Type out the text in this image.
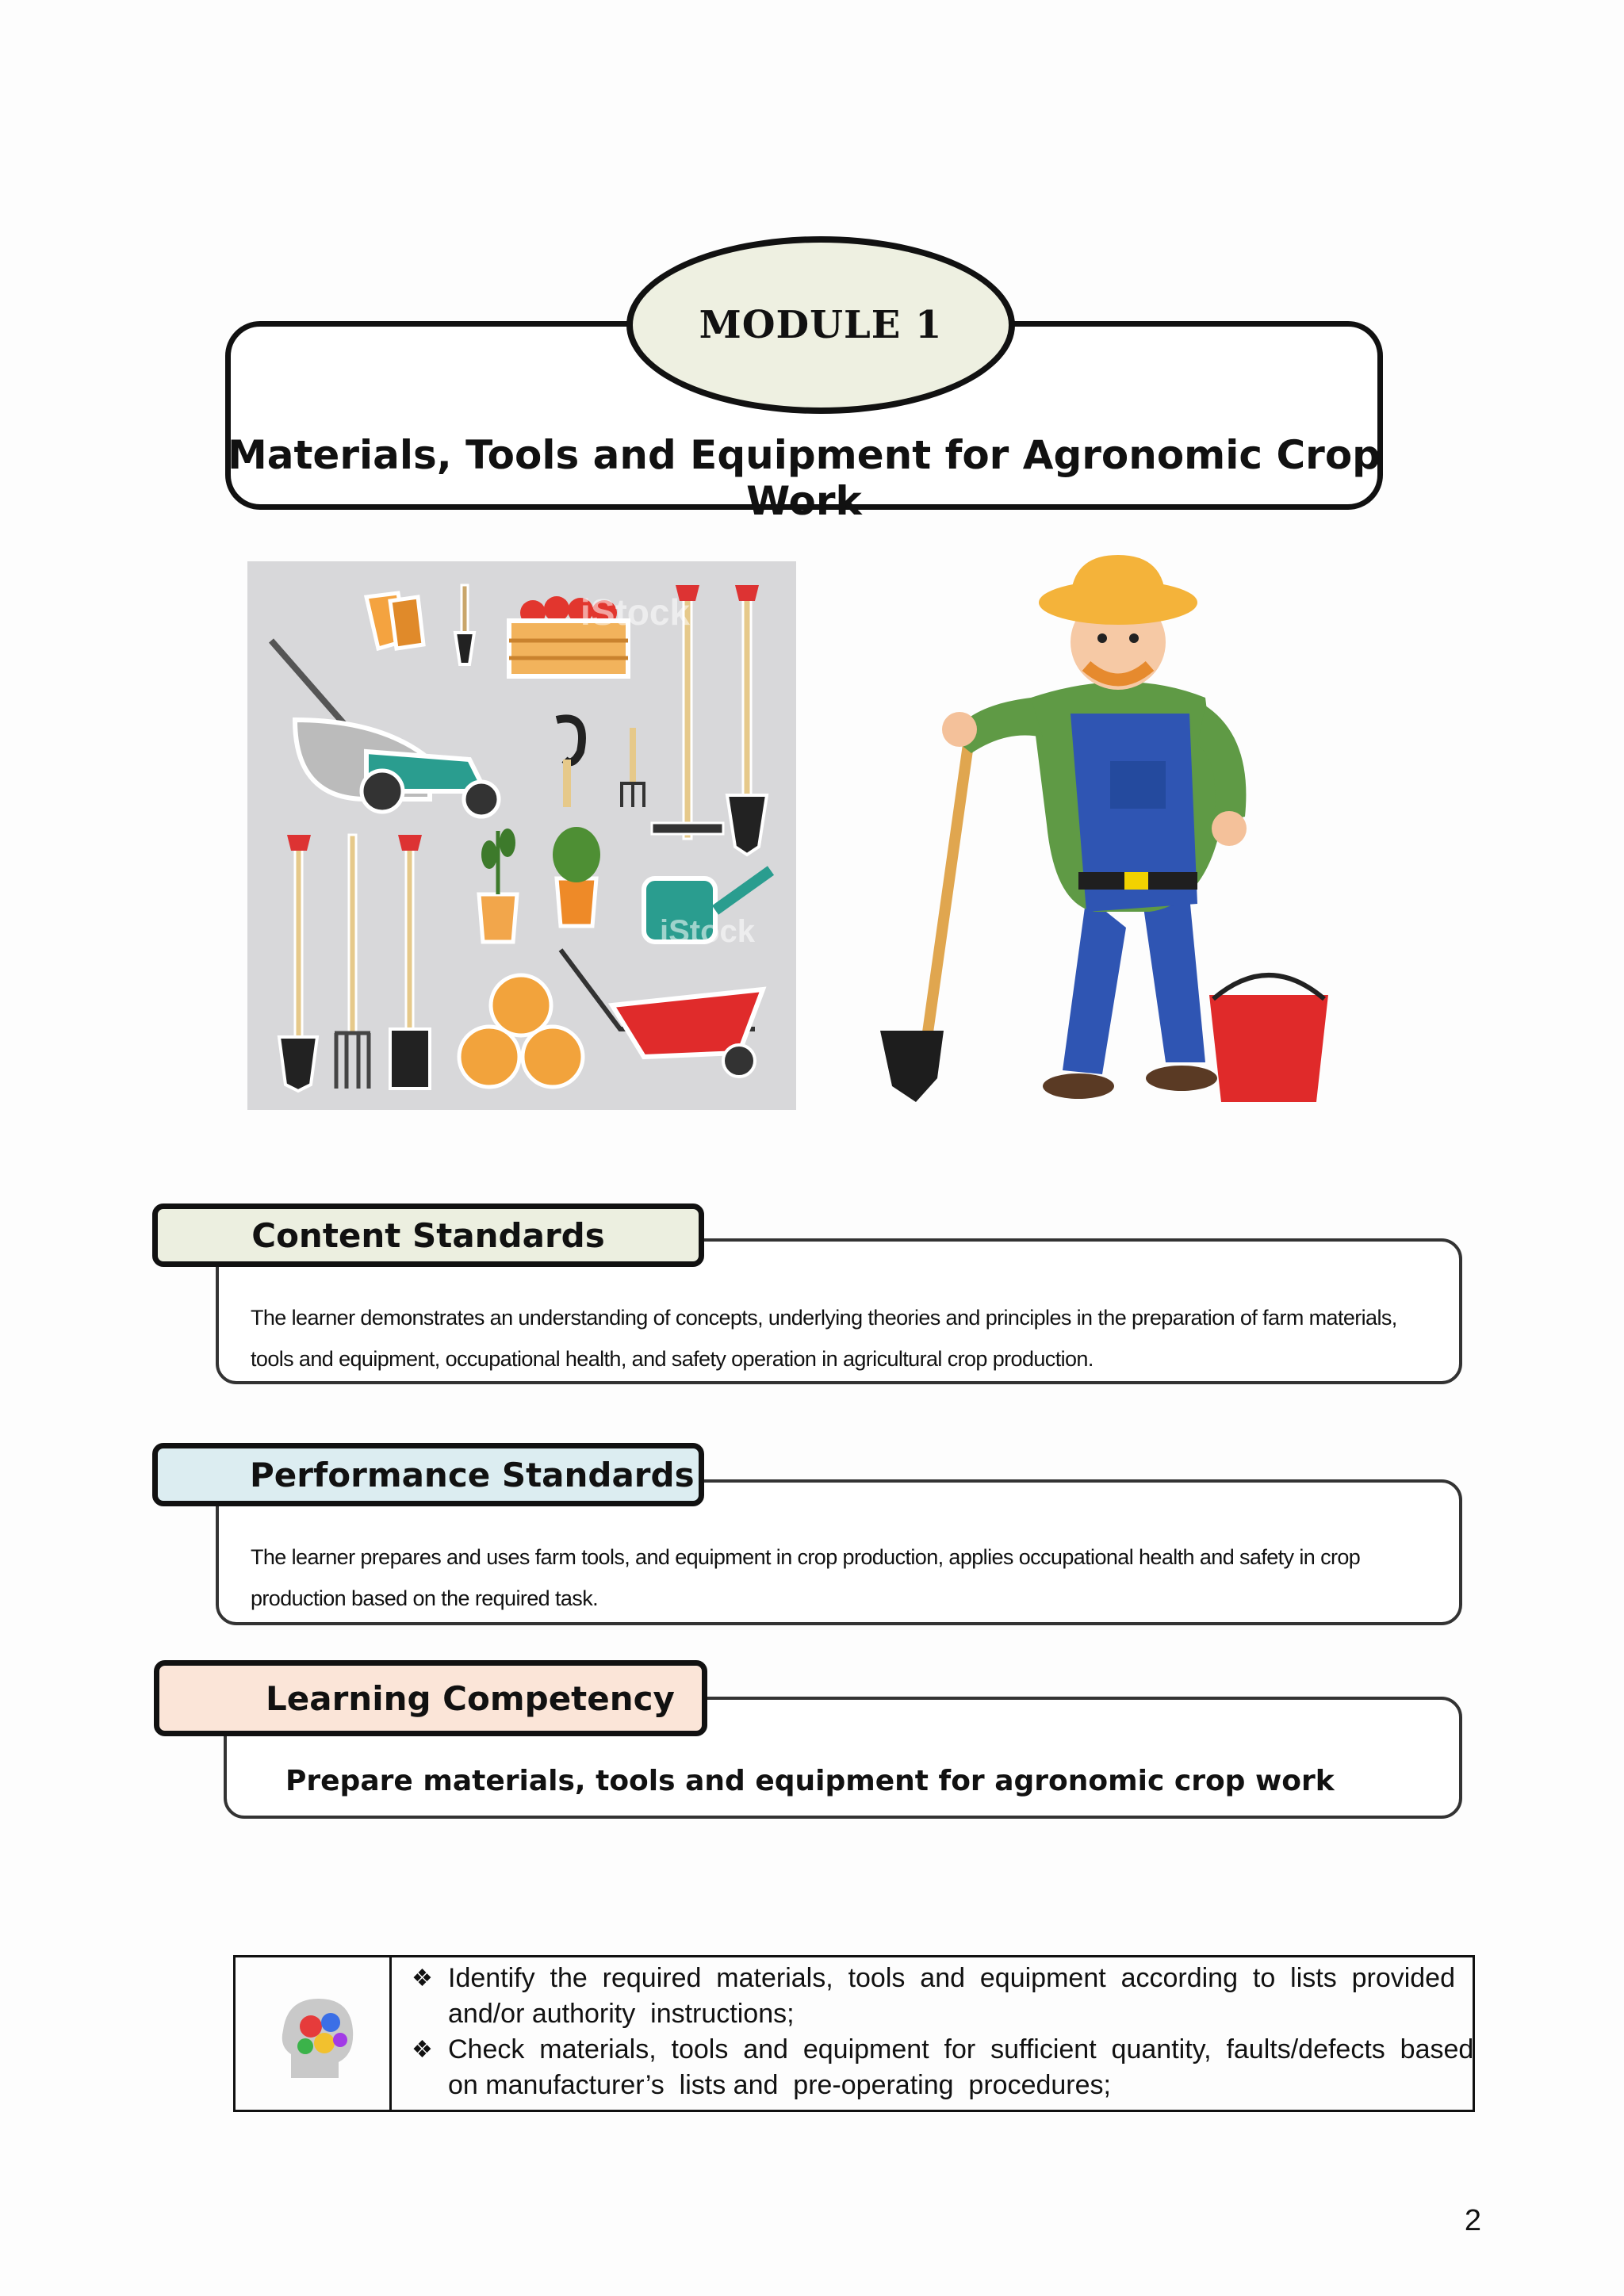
MODULE 1
Materials, Tools and Equipment for Agronomic Crop Work
iStock
iStock
The learner demonstrates an understanding of concepts, underlying theories and principles in the preparation of farm materials,
tools and equipment, occupational health, and safety operation in agricultural crop production.
Content Standards
The learner prepares and uses farm tools, and equipment in crop production, applies occupational health and safety in crop
production based on the required task.
Performance Standards
Prepare materials, tools and equipment for agronomic crop work
Learning Competency
❖ Identify  the  required  materials,  tools  and  equipment  according  to  lists  provided
and/or authority  instructions;
❖ Check  materials,  tools  and  equipment  for  sufficient  quantity,  faults/defects  based
on manufacturer’s  lists and  pre-operating  procedures;
2
